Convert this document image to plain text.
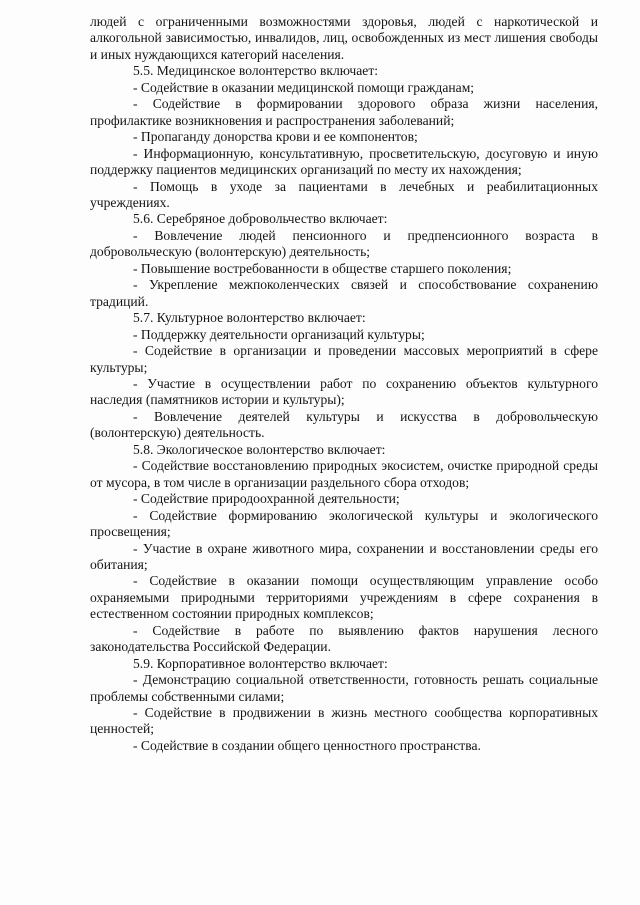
людей с ограниченными возможностями здоровья, людей с наркотической и алкогольной зависимостью, инвалидов, лиц, освобожденных из мест лишения свободы и иных нуждающихся категорий населения.

5.5. Медицинское волонтерство включает:

- Содействие в оказании медицинской помощи гражданам;

- Содействие в формировании здорового образа жизни населения, профилактике возникновения и распространения заболеваний;

- Пропаганду донорства крови и ее компонентов;

- Информационную, консультативную, просветительскую, досуговую и иную поддержку пациентов медицинских организаций по месту их нахождения;

- Помощь в уходе за пациентами в лечебных и реабилитационных учреждениях.

5.6. Серебряное добровольчество включает:

- Вовлечение людей пенсионного и предпенсионного возраста в добровольческую (волонтерскую) деятельность;

- Повышение востребованности в обществе старшего поколения;

- Укрепление межпоколенческих связей и способствование сохранению традиций.

5.7. Культурное волонтерство включает:

- Поддержку деятельности организаций культуры;

- Содействие в организации и проведении массовых мероприятий в сфере культуры;

- Участие в осуществлении работ по сохранению объектов культурного наследия (памятников истории и культуры);

- Вовлечение деятелей культуры и искусства в добровольческую (волонтерскую) деятельность.

5.8. Экологическое волонтерство включает:

- Содействие восстановлению природных экосистем, очистке природной среды от мусора, в том числе в организации раздельного сбора отходов;

- Содействие природоохранной деятельности;

- Содействие формированию экологической культуры и экологического просвещения;

- Участие в охране животного мира, сохранении и восстановлении среды его обитания;

- Содействие в оказании помощи осуществляющим управление особо охраняемыми природными территориями учреждениям в сфере сохранения в естественном состоянии природных комплексов;

- Содействие в работе по выявлению фактов нарушения лесного законодательства Российской Федерации.

5.9. Корпоративное волонтерство включает:

- Демонстрацию социальной ответственности, готовность решать социальные проблемы собственными силами;

- Содействие в продвижении в жизнь местного сообщества корпоративных ценностей;

- Содействие в создании общего ценностного пространства.
